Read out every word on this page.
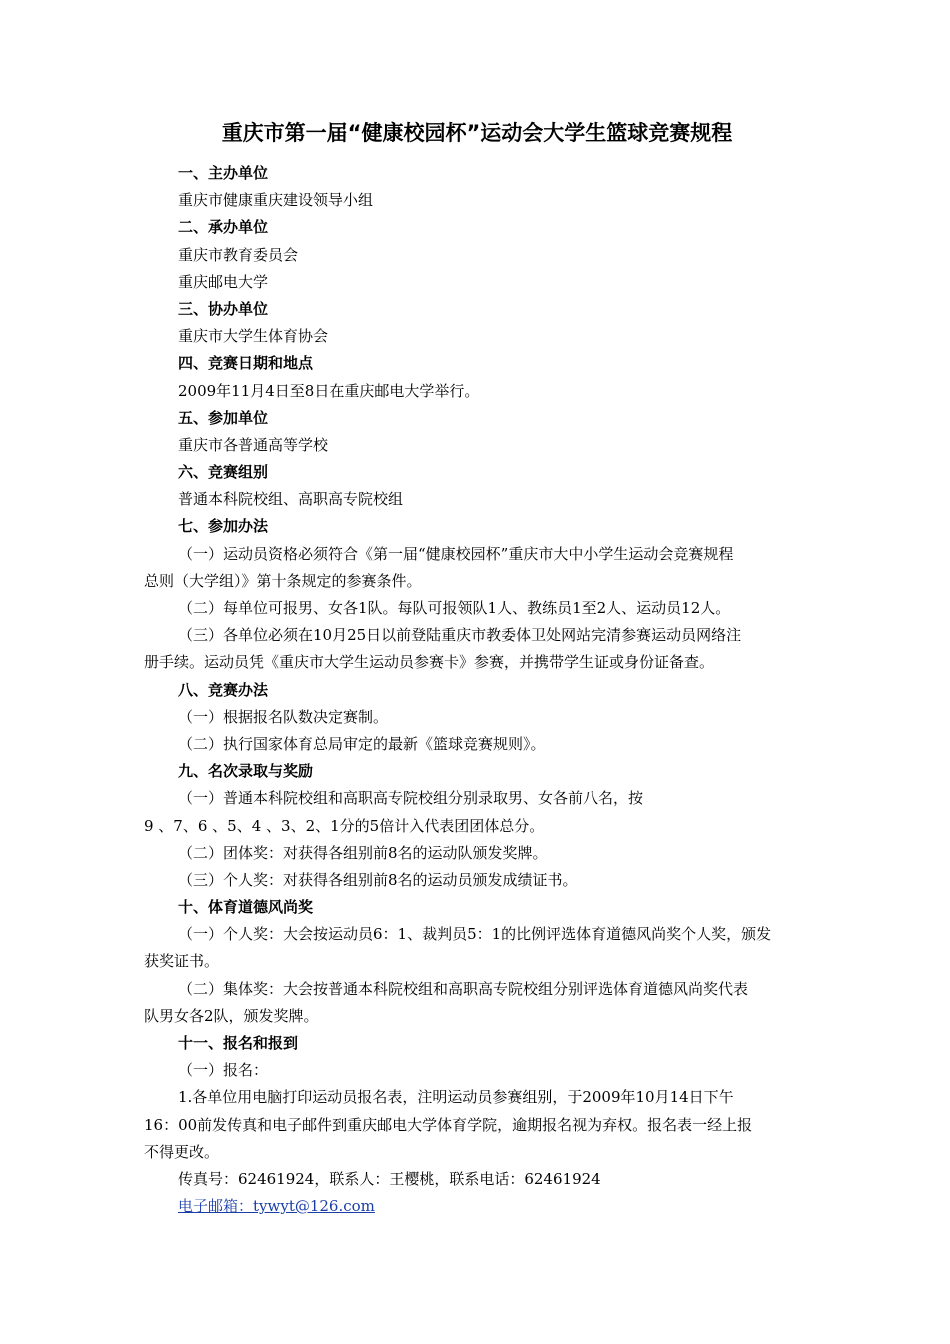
重庆市第一届“健康校园杯”运动会大学生篮球竞赛规程
一、主办单位
重庆市健康重庆建设领导小组
二、承办单位
重庆市教育委员会
重庆邮电大学
三、协办单位
重庆市大学生体育协会
四、竞赛日期和地点
2009年11月4日至8日在重庆邮电大学举行。
五、参加单位
重庆市各普通高等学校
六、竞赛组别
普通本科院校组、高职高专院校组
七、参加办法
（一）运动员资格必须符合《第一届“健康校园杯”重庆市大中小学生运动会竞赛规程
总则（大学组）》第十条规定的参赛条件。
（二）每单位可报男、女各1队。每队可报领队1人、教练员1至2人、运动员12人。
（三）各单位必须在10月25日以前登陆重庆市教委体卫处网站完清参赛运动员网络注
册手续。运动员凭《重庆市大学生运动员参赛卡》参赛，并携带学生证或身份证备查。
八、竞赛办法
（一）根据报名队数决定赛制。
（二）执行国家体育总局审定的最新《篮球竞赛规则》。
九、名次录取与奖励
（一）普通本科院校组和高职高专院校组分别录取男、女各前八名，按
9 、7、6 、5、4 、3、2、1分的5倍计入代表团团体总分。
（二）团体奖：对获得各组别前8名的运动队颁发奖牌。
（三）个人奖：对获得各组别前8名的运动员颁发成绩证书。
十、体育道德风尚奖
（一）个人奖：大会按运动员6：1、裁判员5：1的比例评选体育道德风尚奖个人奖，颁发
获奖证书。
（二）集体奖：大会按普通本科院校组和高职高专院校组分别评选体育道德风尚奖代表
队男女各2队，颁发奖牌。
十一、报名和报到
（一）报名：
1.各单位用电脑打印运动员报名表，注明运动员参赛组别，于2009年10月14日下午
16：00前发传真和电子邮件到重庆邮电大学体育学院，逾期报名视为弃权。报名表一经上报
不得更改。
传真号：62461924，联系人：王樱桃，联系电话：62461924
电子邮箱：tywyt@126.com
